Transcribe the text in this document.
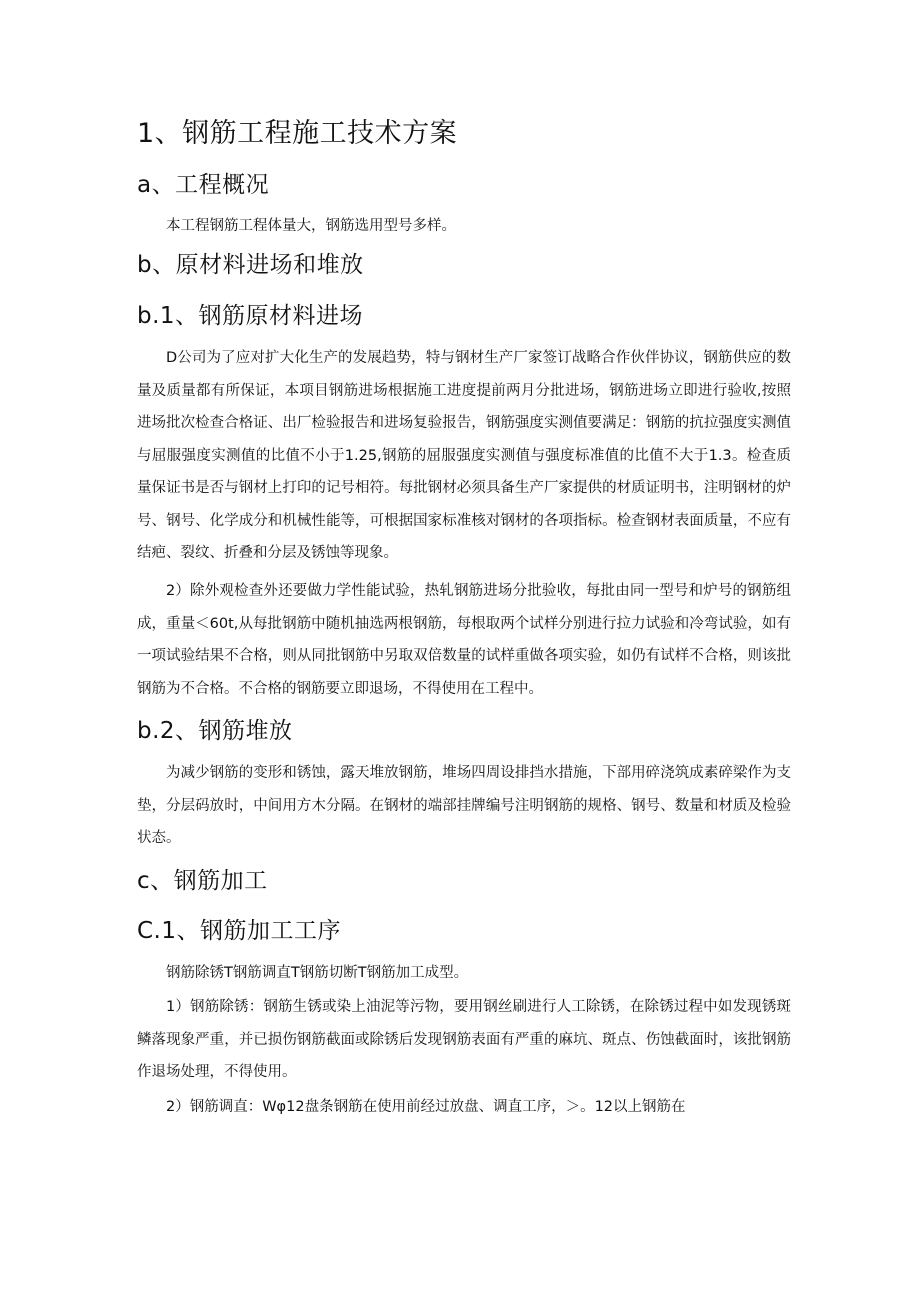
1、钢筋工程施工技术方案
a、工程概况

本工程钢筋工程体量大，钢筋选用型号多样。

b、原材料进场和堆放
b.1、钢筋原材料进场

D公司为了应对扩大化生产的发展趋势，特与钢材生产厂家签订战略合作伙伴协议，钢筋供应的数量及质量都有所保证，本项目钢筋进场根据施工进度提前两月分批进场，钢筋进场立即进行验收,按照进场批次检查合格证、出厂检验报告和进场复验报告，钢筋强度实测值要满足：钢筋的抗拉强度实测值与屈服强度实测值的比值不小于1.25,钢筋的屈服强度实测值与强度标准值的比值不大于1.3。检查质量保证书是否与钢材上打印的记号相符。每批钢材必须具备生产厂家提供的材质证明书，注明钢材的炉号、钢号、化学成分和机械性能等，可根据国家标准核对钢材的各项指标。检查钢材表面质量，不应有结疤、裂纹、折叠和分层及锈蚀等现象。

2）除外观检查外还要做力学性能试验，热轧钢筋进场分批验收，每批由同一型号和炉号的钢筋组成，重量＜60t,从每批钢筋中随机抽选两根钢筋，每根取两个试样分别进行拉力试验和冷弯试验，如有一项试验结果不合格，则从同批钢筋中另取双倍数量的试样重做各项实验，如仍有试样不合格，则该批钢筋为不合格。不合格的钢筋要立即退场，不得使用在工程中。

b.2、钢筋堆放

为减少钢筋的变形和锈蚀，露天堆放钢筋，堆场四周设排挡水措施，下部用碎浇筑成素碎梁作为支垫，分层码放时，中间用方木分隔。在钢材的端部挂牌编号注明钢筋的规格、钢号、数量和材质及检验状态。

c、钢筋加工
C.1、钢筋加工工序

钢筋除锈T钢筋调直T钢筋切断T钢筋加工成型。

1）钢筋除锈：钢筋生锈或染上油泥等污物，要用钢丝刷进行人工除锈，在除锈过程中如发现锈斑鳞落现象严重，并已损伤钢筋截面或除锈后发现钢筋表面有严重的麻坑、斑点、伤蚀截面时，该批钢筋作退场处理，不得使用。

2）钢筋调直：Wφ12盘条钢筋在使用前经过放盘、调直工序，＞。12以上钢筋在
